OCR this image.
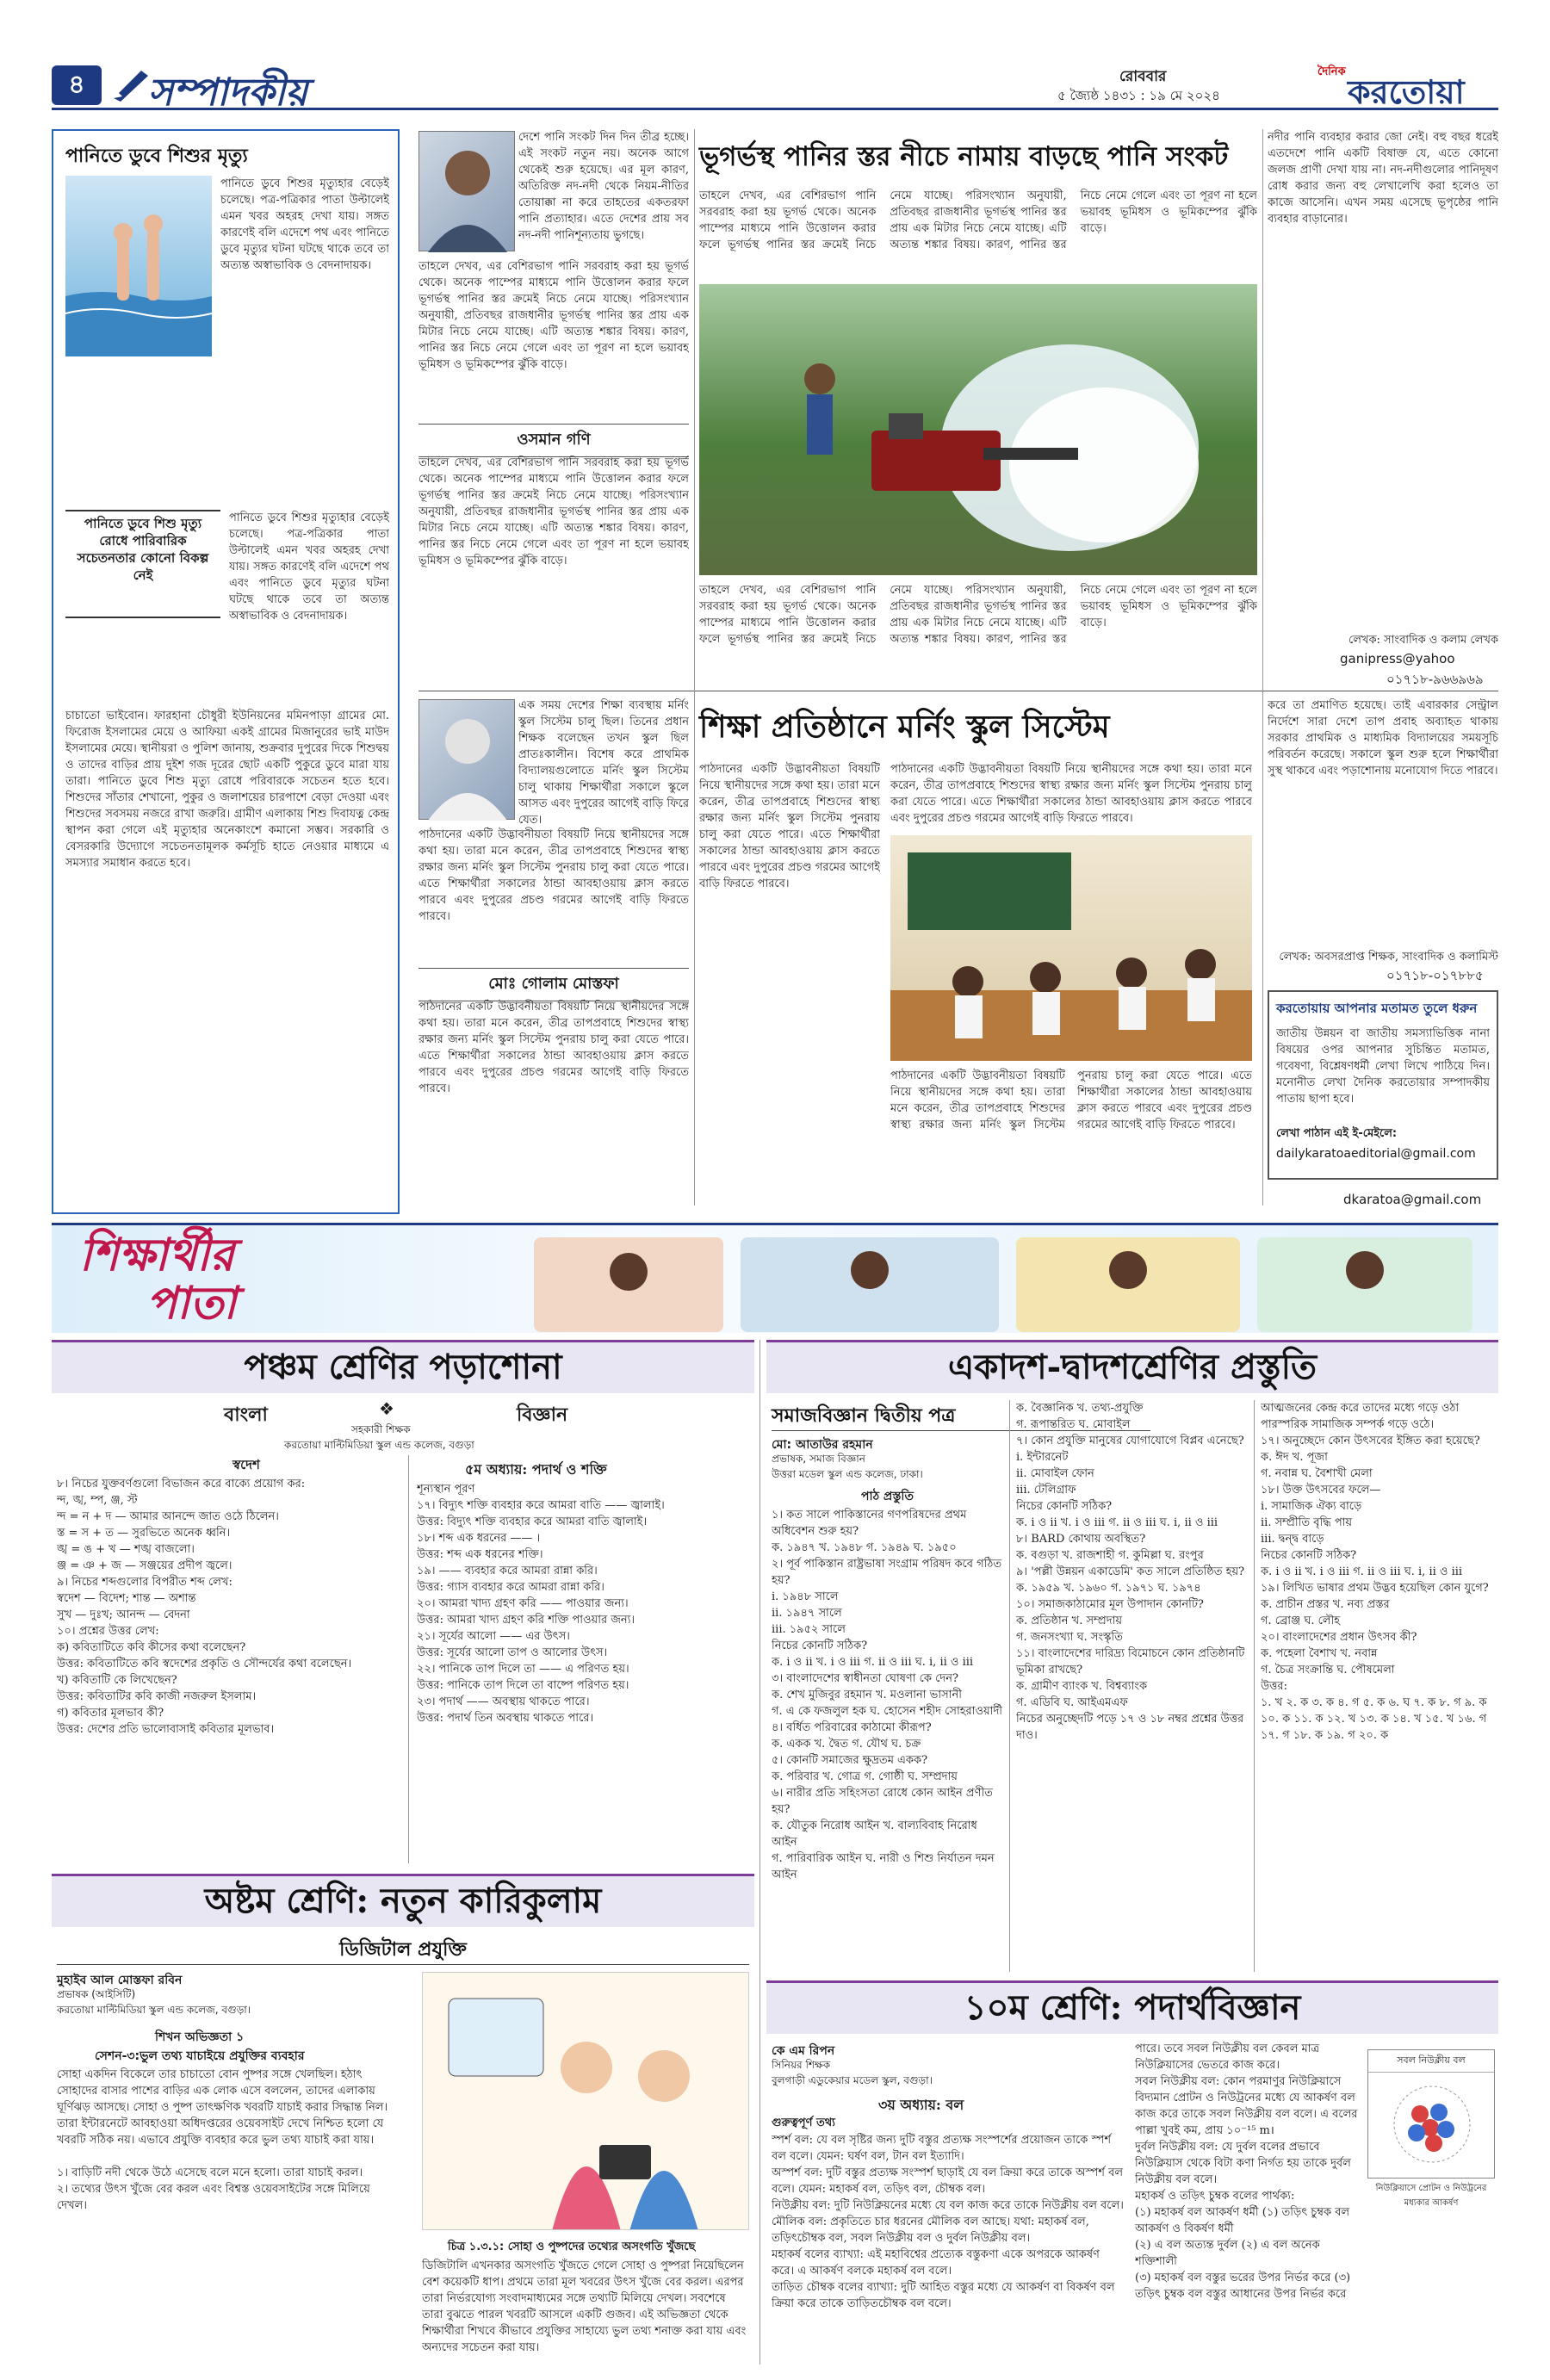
৪	সম্পাদকীয়	রোববার
৫ জ্যৈষ্ঠ ১৪৩১ : ১৯ মে ২০২৪
দৈনিক
করতোয়া
পানিতে ডুবে শিশুর মৃত্যু
পানিতে ডুবে শিশুর মৃত্যুহার বেড়েই চলেছে। পত্র-পত্রিকার পাতা উল্টালেই এমন খবর অহরহ দেখা যায়। সঙ্গত কারণেই বলি এদেশে পথ এবং পানিতে ডুবে মৃত্যুর ঘটনা ঘটছে থাকে তবে তা অত্যন্ত অস্বাভাবিক ও বেদনাদায়ক।
পানিতে ডুবে শিশু মৃত্যু রোধে পারিবারিক সচেতনতার কোনো বিকল্প নেই
পানিতে ডুবে শিশুর মৃত্যুহার বেড়েই চলেছে। পত্র-পত্রিকার পাতা উল্টালেই এমন খবর অহরহ দেখা যায়। সঙ্গত কারণেই বলি এদেশে পথ এবং পানিতে ডুবে মৃত্যুর ঘটনা ঘটছে থাকে তবে তা অত্যন্ত অস্বাভাবিক ও বেদনাদায়ক।
চাচাতো ভাইবোন। ফারহানা চৌধুরী ইউনিয়নের মমিনপাড়া গ্রামের মো. ফিরোজ ইসলামের মেয়ে ও আফিয়া একই গ্রামের মিজানুরের ভাই মাউদ ইসলামের মেয়ে। স্থানীয়রা ও পুলিশ জানায়, শুক্রবার দুপুরের দিকে শিশুদ্বয় ও তাদের বাড়ির প্রায় দুইশ গজ দূরের ছোট একটি পুকুরে ডুবে মারা যায় তারা। পানিতে ডুবে শিশু মৃত্যু রোধে পরিবারকে সচেতন হতে হবে। শিশুদের সাঁতার শেখানো, পুকুর ও জলাশয়ের চারপাশে বেড়া দেওয়া এবং শিশুদের সবসময় নজরে রাখা জরুরি। গ্রামীণ এলাকায় শিশু দিবাযত্ন কেন্দ্র স্থাপন করা গেলে এই মৃত্যুহার অনেকাংশে কমানো সম্ভব। সরকারি ও বেসরকারি উদ্যোগে সচেতনতামূলক কর্মসূচি হাতে নেওয়ার মাধ্যমে এ সমস্যার সমাধান করতে হবে।
দেশে পানি সংকট দিন দিন তীব্র হচ্ছে। এই সংকট নতুন নয়। অনেক আগে থেকেই শুরু হয়েছে। এর মূল কারণ, অতিরিক্ত নদ-নদী থেকে নিয়ম-নীতির তোয়াক্কা না করে তাহতের একতরফা পানি প্রত্যাহার। এতে দেশের প্রায় সব নদ-নদী পানিশূন্যতায় ভুগছে।
তাহলে দেখব, এর বেশিরভাগ পানি সরবরাহ করা হয় ভূগর্ভ থেকে। অনেক পাম্পের মাধ্যমে পানি উত্তোলন করার ফলে ভূগর্ভস্থ পানির স্তর ক্রমেই নিচে নেমে যাচ্ছে। পরিসংখ্যান অনুযায়ী, প্রতিবছর রাজধানীর ভূগর্ভস্থ পানির স্তর প্রায় এক মিটার নিচে নেমে যাচ্ছে। এটি অত্যন্ত শঙ্কার বিষয়। কারণ, পানির স্তর নিচে নেমে গেলে এবং তা পূরণ না হলে ভয়াবহ ভূমিধস ও ভূমিকম্পের ঝুঁকি বাড়ে।
ওসমান গণি
তাহলে দেখব, এর বেশিরভাগ পানি সরবরাহ করা হয় ভূগর্ভ থেকে। অনেক পাম্পের মাধ্যমে পানি উত্তোলন করার ফলে ভূগর্ভস্থ পানির স্তর ক্রমেই নিচে নেমে যাচ্ছে। পরিসংখ্যান অনুযায়ী, প্রতিবছর রাজধানীর ভূগর্ভস্থ পানির স্তর প্রায় এক মিটার নিচে নেমে যাচ্ছে। এটি অত্যন্ত শঙ্কার বিষয়। কারণ, পানির স্তর নিচে নেমে গেলে এবং তা পূরণ না হলে ভয়াবহ ভূমিধস ও ভূমিকম্পের ঝুঁকি বাড়ে।
ভূগর্ভস্থ পানির স্তর নীচে নামায় বাড়ছে পানি সংকট
তাহলে দেখব, এর বেশিরভাগ পানি সরবরাহ করা হয় ভূগর্ভ থেকে। অনেক পাম্পের মাধ্যমে পানি উত্তোলন করার ফলে ভূগর্ভস্থ পানির স্তর ক্রমেই নিচে নেমে যাচ্ছে। পরিসংখ্যান অনুযায়ী, প্রতিবছর রাজধানীর ভূগর্ভস্থ পানির স্তর প্রায় এক মিটার নিচে নেমে যাচ্ছে। এটি অত্যন্ত শঙ্কার বিষয়। কারণ, পানির স্তর নিচে নেমে গেলে এবং তা পূরণ না হলে ভয়াবহ ভূমিধস ও ভূমিকম্পের ঝুঁকি বাড়ে।
তাহলে দেখব, এর বেশিরভাগ পানি সরবরাহ করা হয় ভূগর্ভ থেকে। অনেক পাম্পের মাধ্যমে পানি উত্তোলন করার ফলে ভূগর্ভস্থ পানির স্তর ক্রমেই নিচে নেমে যাচ্ছে। পরিসংখ্যান অনুযায়ী, প্রতিবছর রাজধানীর ভূগর্ভস্থ পানির স্তর প্রায় এক মিটার নিচে নেমে যাচ্ছে। এটি অত্যন্ত শঙ্কার বিষয়। কারণ, পানির স্তর নিচে নেমে গেলে এবং তা পূরণ না হলে ভয়াবহ ভূমিধস ও ভূমিকম্পের ঝুঁকি বাড়ে।
নদীর পানি ব্যবহার করার জো নেই। বহু বছর ধরেই এতদেশে পানি একটি বিষাক্ত যে, এতে কোনো জলজ প্রাণী দেখা যায় না। নদ-নদীগুলোর পানিদূষণ রোধ করার জন্য বহু লেখালেখি করা হলেও তা কাজে আসেনি। এখন সময় এসেছে ভূপৃষ্ঠের পানি ব্যবহার বাড়ানোর।
লেখক: সাংবাদিক ও কলাম লেখক
ganipress@yahoo
০১৭১৮-৯৬৬৯৬৯
এক সময় দেশের শিক্ষা ব্যবস্থায় মর্নিং স্কুল সিস্টেম চালু ছিল। তিনের প্রধান শিক্ষক বলেছেন তখন স্কুল ছিল প্রাতঃকালীন। বিশেষ করে প্রাথমিক বিদ্যালয়গুলোতে মর্নিং স্কুল সিস্টেম চালু থাকায় শিক্ষার্থীরা সকালে স্কুলে আসত এবং দুপুরের আগেই বাড়ি ফিরে যেত।
পাঠদানের একটি উদ্ভাবনীয়তা বিষয়টি নিয়ে স্থানীয়দের সঙ্গে কথা হয়। তারা মনে করেন, তীব্র তাপপ্রবাহে শিশুদের স্বাস্থ্য রক্ষার জন্য মর্নিং স্কুল সিস্টেম পুনরায় চালু করা যেতে পারে। এতে শিক্ষার্থীরা সকালের ঠান্ডা আবহাওয়ায় ক্লাস করতে পারবে এবং দুপুরের প্রচণ্ড গরমের আগেই বাড়ি ফিরতে পারবে।
মোঃ গোলাম মোস্তফা
পাঠদানের একটি উদ্ভাবনীয়তা বিষয়টি নিয়ে স্থানীয়দের সঙ্গে কথা হয়। তারা মনে করেন, তীব্র তাপপ্রবাহে শিশুদের স্বাস্থ্য রক্ষার জন্য মর্নিং স্কুল সিস্টেম পুনরায় চালু করা যেতে পারে। এতে শিক্ষার্থীরা সকালের ঠান্ডা আবহাওয়ায় ক্লাস করতে পারবে এবং দুপুরের প্রচণ্ড গরমের আগেই বাড়ি ফিরতে পারবে।
শিক্ষা প্রতিষ্ঠানে মর্নিং স্কুল সিস্টেম
পাঠদানের একটি উদ্ভাবনীয়তা বিষয়টি নিয়ে স্থানীয়দের সঙ্গে কথা হয়। তারা মনে করেন, তীব্র তাপপ্রবাহে শিশুদের স্বাস্থ্য রক্ষার জন্য মর্নিং স্কুল সিস্টেম পুনরায় চালু করা যেতে পারে। এতে শিক্ষার্থীরা সকালের ঠান্ডা আবহাওয়ায় ক্লাস করতে পারবে এবং দুপুরের প্রচণ্ড গরমের আগেই বাড়ি ফিরতে পারবে।
পাঠদানের একটি উদ্ভাবনীয়তা বিষয়টি নিয়ে স্থানীয়দের সঙ্গে কথা হয়। তারা মনে করেন, তীব্র তাপপ্রবাহে শিশুদের স্বাস্থ্য রক্ষার জন্য মর্নিং স্কুল সিস্টেম পুনরায় চালু করা যেতে পারে। এতে শিক্ষার্থীরা সকালের ঠান্ডা আবহাওয়ায় ক্লাস করতে পারবে এবং দুপুরের প্রচণ্ড গরমের আগেই বাড়ি ফিরতে পারবে।
পাঠদানের একটি উদ্ভাবনীয়তা বিষয়টি নিয়ে স্থানীয়দের সঙ্গে কথা হয়। তারা মনে করেন, তীব্র তাপপ্রবাহে শিশুদের স্বাস্থ্য রক্ষার জন্য মর্নিং স্কুল সিস্টেম পুনরায় চালু করা যেতে পারে। এতে শিক্ষার্থীরা সকালের ঠান্ডা আবহাওয়ায় ক্লাস করতে পারবে এবং দুপুরের প্রচণ্ড গরমের আগেই বাড়ি ফিরতে পারবে।
করে তা প্রমাণিত হয়েছে। তাই এবারকার সেন্ট্রাল নির্দেশে সারা দেশে তাপ প্রবাহ অব্যাহত থাকায় সরকার প্রাথমিক ও মাধ্যমিক বিদ্যালয়ের সময়সূচি পরিবর্তন করেছে। সকালে স্কুল শুরু হলে শিক্ষার্থীরা সুস্থ থাকবে এবং পড়াশোনায় মনোযোগ দিতে পারবে।
লেখক: অবসরপ্রাপ্ত শিক্ষক, সাংবাদিক ও কলামিস্ট
০১৭১৮-০১৭৮৮৫
করতোয়ায় আপনার মতামত তুলে ধরুন
জাতীয় উন্নয়ন বা জাতীয় সমস্যাভিত্তিক নানা বিষয়ের ওপর আপনার সুচিন্তিত মতামত, গবেষণা, বিশ্লেষণধর্মী লেখা লিখে পাঠিয়ে দিন। মনোনীত লেখা দৈনিক করতোয়ার সম্পাদকীয় পাতায় ছাপা হবে।
লেখা পাঠান এই ই-মেইলে:
dailykaratoaeditorial@gmail.com
dkaratoa@gmail.com
শিক্ষার্থীর
পাতা
পঞ্চম শ্রেণির পড়াশোনা
বাংলা	বিজ্ঞান
❖
সহকারী শিক্ষক
করতোয়া মাল্টিমিডিয়া স্কুল এন্ড কলেজ, বগুড়া
স্বদেশ	৫ম অধ্যায়: পদার্থ ও শক্তি
৮। নিচের যুক্তবর্ণগুলো বিভাজন করে বাক্যে প্রয়োগ কর:
ন্দ, ঙ্খ, ম্প, ঞ্জ, স্ট
ন্দ = ন + দ — আমার আনন্দে জাত ওঠে ঠিলেন।
স্ত = স + ত — সুরভিতে অনেক ধ্বনি।
ঙ্খ = ঙ + খ — শঙ্খ বাজলো।
ঞ্জ = ঞ + জ — সঞ্জয়ের প্রদীপ জ্বলে।
৯। নিচের শব্দগুলোর বিপরীত শব্দ লেখ:
স্বদেশ — বিদেশ; শান্ত — অশান্ত
সুখ — দুঃখ; আনন্দ — বেদনা
১০। প্রশ্নের উত্তর লেখ:
ক) কবিতাটিতে কবি কীসের কথা বলেছেন?
উত্তর: কবিতাটিতে কবি স্বদেশের প্রকৃতি ও সৌন্দর্যের কথা বলেছেন।
খ) কবিতাটি কে লিখেছেন?
উত্তর: কবিতাটির কবি কাজী নজরুল ইসলাম।
গ) কবিতার মূলভাব কী?
উত্তর: দেশের প্রতি ভালোবাসাই কবিতার মূলভাব।
শূন্যস্থান পূরণ
১৭। বিদ্যুৎ শক্তি ব্যবহার করে আমরা বাতি —— জ্বালাই।
উত্তর: বিদ্যুৎ শক্তি ব্যবহার করে আমরা বাতি জ্বালাই।
১৮। শব্দ এক ধরনের —— ।
উত্তর: শব্দ এক ধরনের শক্তি।
১৯। —— ব্যবহার করে আমরা রান্না করি।
উত্তর: গ্যাস ব্যবহার করে আমরা রান্না করি।
২০। আমরা খাদ্য গ্রহণ করি —— পাওয়ার জন্য।
উত্তর: আমরা খাদ্য গ্রহণ করি শক্তি পাওয়ার জন্য।
২১। সূর্যের আলো —— এর উৎস।
উত্তর: সূর্যের আলো তাপ ও আলোর উৎস।
২২। পানিকে তাপ দিলে তা —— এ পরিণত হয়।
উত্তর: পানিকে তাপ দিলে তা বাষ্পে পরিণত হয়।
২৩। পদার্থ —— অবস্থায় থাকতে পারে।
উত্তর: পদার্থ তিন অবস্থায় থাকতে পারে।
অষ্টম শ্রেণি: নতুন কারিকুলাম
ডিজিটাল প্রযুক্তি
মুহাইব আল মোস্তফা রবিন
প্রভাষক (আইসিটি)
করতোয়া মাল্টিমিডিয়া স্কুল এন্ড কলেজ, বগুড়া।
শিখন অভিজ্ঞতা ১
সেশন-৩:ভুল তথ্য যাচাইয়ে প্রযুক্তির ব্যবহার
সোহা একদিন বিকেলে তার চাচাতো বোন পুষ্পর সঙ্গে খেলছিল। হঠাৎ সোহাদের বাসার পাশের বাড়ির এক লোক এসে বললেন, তাদের এলাকায় ঘূর্ণিঝড় আসছে। সোহা ও পুষ্প তাৎক্ষণিক খবরটি যাচাই করার সিদ্ধান্ত নিল। তারা ইন্টারনেটে আবহাওয়া অধিদপ্তরের ওয়েবসাইট দেখে নিশ্চিত হলো যে খবরটি সঠিক নয়। এভাবে প্রযুক্তি ব্যবহার করে ভুল তথ্য যাচাই করা যায়।

১। বাড়িটি নদী থেকে উঠে এসেছে বলে মনে হলো। তারা যাচাই করল।
২। তথ্যের উৎস খুঁজে বের করল এবং বিশ্বস্ত ওয়েবসাইটের সঙ্গে মিলিয়ে দেখল।
চিত্র ১.৩.১: সোহা ও পুষ্পদের তথ্যের অসংগতি খুঁজছে
ডিজিটালি এখনকার অসংগতি খুঁজতে গেলে সোহা ও পুষ্পরা নিয়েছিলেন বেশ কয়েকটি ধাপ। প্রথমে তারা মূল খবরের উৎস খুঁজে বের করল। এরপর তারা নির্ভরযোগ্য সংবাদমাধ্যমের সঙ্গে তথ্যটি মিলিয়ে দেখল। সবশেষে তারা বুঝতে পারল খবরটি আসলে একটি গুজব। এই অভিজ্ঞতা থেকে শিক্ষার্থীরা শিখবে কীভাবে প্রযুক্তির সাহায্যে ভুল তথ্য শনাক্ত করা যায় এবং অন্যদের সচেতন করা যায়।
একাদশ-দ্বাদশশ্রেণির প্রস্তুতি
সমাজবিজ্ঞান দ্বিতীয় পত্র
মো: আতাউর রহমান
প্রভাষক, সমাজ বিজ্ঞান
উত্তরা মডেল স্কুল এন্ড কলেজ, ঢাকা।
পাঠ প্রস্তুতি
১। কত সালে পাকিস্তানের গণপরিষদের প্রথম অধিবেশন শুরু হয়?
ক. ১৯৪৭ খ. ১৯৪৮ গ. ১৯৪৯ ঘ. ১৯৫০
২। পূর্ব পাকিস্তান রাষ্ট্রভাষা সংগ্রাম পরিষদ কবে গঠিত হয়?
i. ১৯৪৮ সালে
ii. ১৯৪৭ সালে
iii. ১৯৫২ সালে
নিচের কোনটি সঠিক?
ক. i ও ii খ. i ও iii গ. ii ও iii ঘ. i, ii ও iii
৩। বাংলাদেশের স্বাধীনতা ঘোষণা কে দেন?
ক. শেখ মুজিবুর রহমান খ. মওলানা ভাসানী
গ. এ কে ফজলুল হক ঘ. হোসেন শহীদ সোহরাওয়ার্দী
৪। বর্ধিত পরিবারের কাঠামো কীরূপ?
ক. একক খ. দ্বৈত গ. যৌথ ঘ. চক্র
৫। কোনটি সমাজের ক্ষুদ্রতম একক?
ক. পরিবার খ. গোত্র গ. গোষ্ঠী ঘ. সম্প্রদায়
৬। নারীর প্রতি সহিংসতা রোধে কোন আইন প্রণীত হয়?
ক. যৌতুক নিরোধ আইন খ. বাল্যবিবাহ নিরোধ আইন
গ. পারিবারিক আইন ঘ. নারী ও শিশু নির্যাতন দমন আইন
ক. বৈজ্ঞানিক খ. তথ্য-প্রযুক্তি
গ. রূপান্তরিত ঘ. মোবাইল
৭। কোন প্রযুক্তি মানুষের যোগাযোগে বিপ্লব এনেছে?
i. ইন্টারনেট
ii. মোবাইল ফোন
iii. টেলিগ্রাফ
নিচের কোনটি সঠিক?
ক. i ও ii খ. i ও iii গ. ii ও iii ঘ. i, ii ও iii
৮। BARD কোথায় অবস্থিত?
ক. বগুড়া খ. রাজশাহী গ. কুমিল্লা ঘ. রংপুর
৯। 'পল্লী উন্নয়ন একাডেমি' কত সালে প্রতিষ্ঠিত হয়?
ক. ১৯৫৯ খ. ১৯৬০ গ. ১৯৭১ ঘ. ১৯৭৪
১০। সমাজকাঠামোর মূল উপাদান কোনটি?
ক. প্রতিষ্ঠান খ. সম্প্রদায়
গ. জনসংখ্যা ঘ. সংস্কৃতি
১১। বাংলাদেশের দারিদ্র্য বিমোচনে কোন প্রতিষ্ঠানটি ভূমিকা রাখছে?
ক. গ্রামীণ ব্যাংক খ. বিশ্বব্যাংক
গ. এডিবি ঘ. আইএমএফ
নিচের অনুচ্ছেদটি পড়ে ১৭ ও ১৮ নম্বর প্রশ্নের উত্তর দাও।
আত্মজনের কেন্দ্র করে তাদের মধ্যে গড়ে ওঠা পারস্পরিক সামাজিক সম্পর্ক গড়ে ওঠে।
১৭। অনুচ্ছেদে কোন উৎসবের ইঙ্গিত করা হয়েছে?
ক. ঈদ খ. পূজা
গ. নবান্ন ঘ. বৈশাখী মেলা
১৮। উক্ত উৎসবের ফলে—
i. সামাজিক ঐক্য বাড়ে
ii. সম্প্রীতি বৃদ্ধি পায়
iii. দ্বন্দ্ব বাড়ে
নিচের কোনটি সঠিক?
ক. i ও ii খ. i ও iii গ. ii ও iii ঘ. i, ii ও iii
১৯। লিখিত ভাষার প্রথম উদ্ভব হয়েছিল কোন যুগে?
ক. প্রাচীন প্রস্তর খ. নব্য প্রস্তর
গ. ব্রোঞ্জ ঘ. লৌহ
২০। বাংলাদেশের প্রধান উৎসব কী?
ক. পহেলা বৈশাখ খ. নবান্ন
গ. চৈত্র সংক্রান্তি ঘ. পৌষমেলা
উত্তর:
১. খ ২. ক ৩. ক ৪. গ ৫. ক ৬. ঘ ৭. ক ৮. গ ৯. ক ১০. ক ১১. ক ১২. খ ১৩. ক ১৪. খ ১৫. খ ১৬. গ ১৭. গ ১৮. ক ১৯. গ ২০. ক
১০ম শ্রেণি: পদার্থবিজ্ঞান
কে এম রিপন
সিনিয়র শিক্ষক
বুলগাড়ী এডুকেয়ার মডেল স্কুল, বগুড়া।
৩য় অধ্যায়: বল
গুরুত্বপূর্ণ তথ্য
স্পর্শ বল: যে বল সৃষ্টির জন্য দুটি বস্তুর প্রত্যক্ষ সংস্পর্শের প্রয়োজন তাকে স্পর্শ বল বলে। যেমন: ঘর্ষণ বল, টান বল ইত্যাদি।
অস্পর্শ বল: দুটি বস্তুর প্রত্যক্ষ সংস্পর্শ ছাড়াই যে বল ক্রিয়া করে তাকে অস্পর্শ বল বলে। যেমন: মহাকর্ষ বল, তড়িৎ বল, চৌম্বক বল।
নিউক্লীয় বল: দুটি নিউক্লিয়নের মধ্যে যে বল কাজ করে তাকে নিউক্লীয় বল বলে।
মৌলিক বল: প্রকৃতিতে চার ধরনের মৌলিক বল আছে। যথা: মহাকর্ষ বল, তড়িৎচৌম্বক বল, সবল নিউক্লীয় বল ও দুর্বল নিউক্লীয় বল।
মহাকর্ষ বলের ব্যাখ্যা: এই মহাবিশ্বের প্রত্যেক বস্তুকণা একে অপরকে আকর্ষণ করে। এ আকর্ষণ বলকে মহাকর্ষ বল বলে।
তাড়িত চৌম্বক বলের ব্যাখ্যা: দুটি আহিত বস্তুর মধ্যে যে আকর্ষণ বা বিকর্ষণ বল ক্রিয়া করে তাকে তাড়িতচৌম্বক বল বলে।
পারে। তবে সবল নিউক্লীয় বল কেবল মাত্র নিউক্লিয়াসের ভেতরে কাজ করে।
সবল নিউক্লীয় বল: কোন পরমাণুর নিউক্লিয়াসে বিদ্যমান প্রোটন ও নিউট্রনের মধ্যে যে আকর্ষণ বল কাজ করে তাকে সবল নিউক্লীয় বল বলে। এ বলের পাল্লা খুবই কম, প্রায় ১০⁻¹⁵ m।
দুর্বল নিউক্লীয় বল: যে দুর্বল বলের প্রভাবে নিউক্লিয়াস থেকে বিটা কণা নির্গত হয় তাকে দুর্বল নিউক্লীয় বল বলে।
মহাকর্ষ ও তড়িৎ চুম্বক বলের পার্থক্য:
(১) মহাকর্ষ বল আকর্ষণ ধর্মী (১) তড়িৎ চুম্বক বল আকর্ষণ ও বিকর্ষণ ধর্মী
(২) এ বল অত্যন্ত দুর্বল (২) এ বল অনেক শক্তিশালী
(৩) মহাকর্ষ বল বস্তুর ভরের উপর নির্ভর করে (৩) তড়িৎ চুম্বক বল বস্তুর আধানের উপর নির্ভর করে
সবল নিউক্লীয় বল
নিউক্লিয়াসে প্রোটন ও নিউট্রনের মধ্যকার আকর্ষণ
